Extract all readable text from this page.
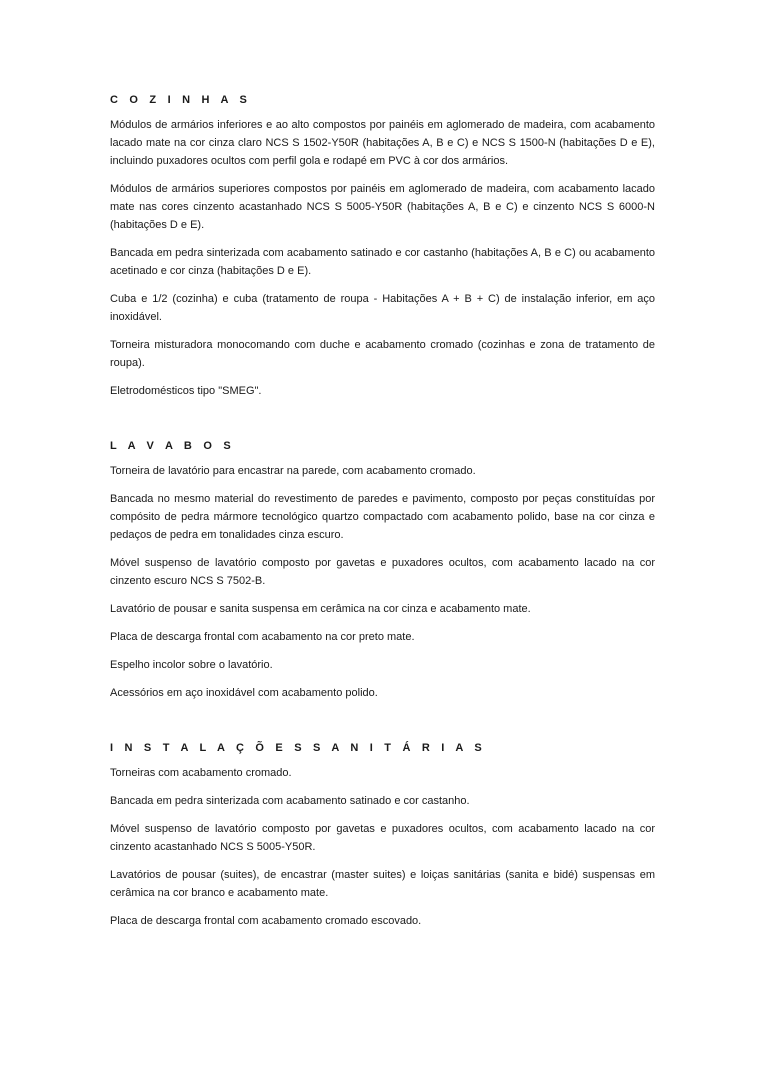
C O Z I N H A S

Módulos de armários inferiores e ao alto compostos por painéis em aglomerado de madeira, com acabamento lacado mate na cor cinza claro NCS S 1502-Y50R (habitações A, B e C) e NCS S 1500-N (habitações D e E), incluindo puxadores ocultos com perfil gola e rodapé em PVC à cor dos armários.

Módulos de armários superiores compostos por painéis em aglomerado de madeira, com acabamento lacado mate nas cores cinzento acastanhado NCS S 5005-Y50R (habitações A, B e C) e cinzento NCS S 6000-N (habitações D e E).

Bancada em pedra sinterizada com acabamento satinado e cor castanho (habitações A, B e C) ou acabamento acetinado e cor cinza (habitações D e E).

Cuba e 1/2 (cozinha) e cuba (tratamento de roupa - Habitações A + B + C) de instalação inferior, em aço inoxidável.

Torneira misturadora monocomando com duche e acabamento cromado (cozinhas e zona de tratamento de roupa).

Eletrodomésticos tipo "SMEG".

L A V A B O S

Torneira de lavatório para encastrar na parede, com acabamento cromado.

Bancada no mesmo material do revestimento de paredes e pavimento, composto por peças constituídas por compósito de pedra mármore tecnológico quartzo compactado com acabamento polido, base na cor cinza e pedaços de pedra em tonalidades cinza escuro.

Móvel suspenso de lavatório composto por gavetas e puxadores ocultos, com acabamento lacado na cor cinzento escuro NCS S 7502-B.

Lavatório de pousar e sanita suspensa em cerâmica na cor cinza e acabamento mate.

Placa de descarga frontal com acabamento na cor preto mate.

Espelho incolor sobre o lavatório.

Acessórios em aço inoxidável com acabamento polido.

I N S T A L A Ç Õ E S S A N I T Á R I A S

Torneiras com acabamento cromado.

Bancada em pedra sinterizada com acabamento satinado e cor castanho.

Móvel suspenso de lavatório composto por gavetas e puxadores ocultos, com acabamento lacado na cor cinzento acastanhado NCS S 5005-Y50R.

Lavatórios de pousar (suites), de encastrar (master suites) e loiças sanitárias (sanita e bidé) suspensas em cerâmica na cor branco e acabamento mate.

Placa de descarga frontal com acabamento cromado escovado.
